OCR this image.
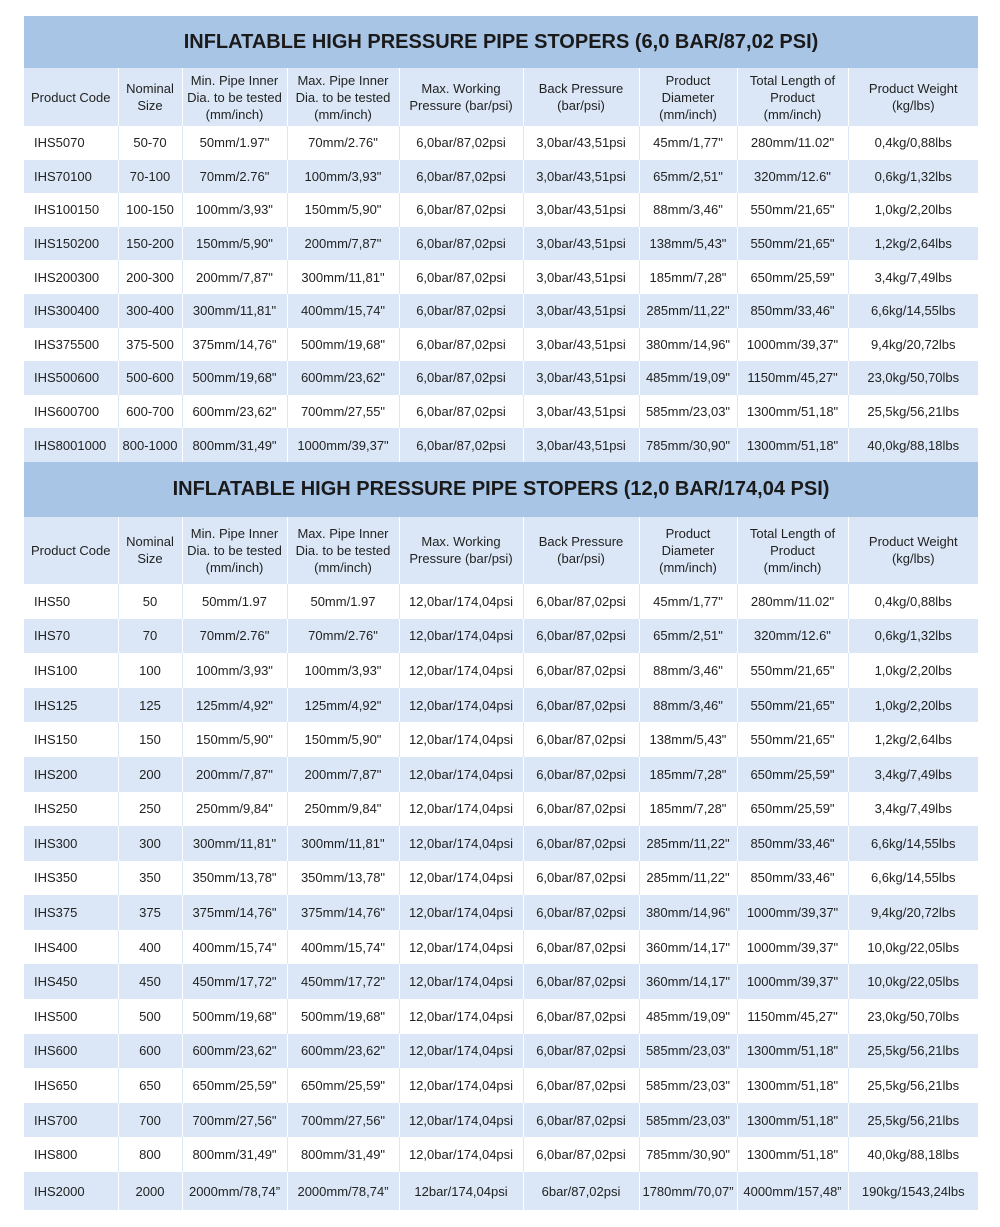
INFLATABLE HIGH PRESSURE PIPE STOPERS (6,0 BAR/87,02 PSI)
Product Code	Nominal Size	Min. Pipe Inner Dia. to be tested (mm/inch)	Max. Pipe Inner Dia. to be tested (mm/inch)	Max. Working Pressure (bar/psi)	Back Pressure (bar/psi)	Product Diameter (mm/inch)	Total Length of Product (mm/inch)	Product Weight (kg/lbs)
IHS5070	50-70	50mm/1.97"	70mm/2.76"	6,0bar/87,02psi	3,0bar/43,51psi	45mm/1,77"	280mm/11.02"	0,4kg/0,88lbs
IHS70100	70-100	70mm/2.76"	100mm/3,93"	6,0bar/87,02psi	3,0bar/43,51psi	65mm/2,51"	320mm/12.6"	0,6kg/1,32lbs
IHS100150	100-150	100mm/3,93"	150mm/5,90"	6,0bar/87,02psi	3,0bar/43,51psi	88mm/3,46"	550mm/21,65"	1,0kg/2,20lbs
IHS150200	150-200	150mm/5,90"	200mm/7,87"	6,0bar/87,02psi	3,0bar/43,51psi	138mm/5,43"	550mm/21,65"	1,2kg/2,64lbs
IHS200300	200-300	200mm/7,87"	300mm/11,81"	6,0bar/87,02psi	3,0bar/43,51psi	185mm/7,28"	650mm/25,59"	3,4kg/7,49lbs
IHS300400	300-400	300mm/11,81"	400mm/15,74"	6,0bar/87,02psi	3,0bar/43,51psi	285mm/11,22"	850mm/33,46"	6,6kg/14,55lbs
IHS375500	375-500	375mm/14,76"	500mm/19,68"	6,0bar/87,02psi	3,0bar/43,51psi	380mm/14,96"	1000mm/39,37"	9,4kg/20,72lbs
IHS500600	500-600	500mm/19,68"	600mm/23,62"	6,0bar/87,02psi	3,0bar/43,51psi	485mm/19,09"	1150mm/45,27"	23,0kg/50,70lbs
IHS600700	600-700	600mm/23,62"	700mm/27,55"	6,0bar/87,02psi	3,0bar/43,51psi	585mm/23,03"	1300mm/51,18"	25,5kg/56,21lbs
IHS8001000	800-1000	800mm/31,49"	1000mm/39,37"	6,0bar/87,02psi	3,0bar/43,51psi	785mm/30,90"	1300mm/51,18"	40,0kg/88,18lbs
INFLATABLE HIGH PRESSURE PIPE STOPERS (12,0 BAR/174,04 PSI)
Product Code	Nominal Size	Min. Pipe Inner Dia. to be tested (mm/inch)	Max. Pipe Inner Dia. to be tested (mm/inch)	Max. Working Pressure (bar/psi)	Back Pressure (bar/psi)	Product Diameter (mm/inch)	Total Length of Product (mm/inch)	Product Weight (kg/lbs)
IHS50	50	50mm/1.97	50mm/1.97	12,0bar/174,04psi	6,0bar/87,02psi	45mm/1,77"	280mm/11.02"	0,4kg/0,88lbs
IHS70	70	70mm/2.76"	70mm/2.76"	12,0bar/174,04psi	6,0bar/87,02psi	65mm/2,51"	320mm/12.6"	0,6kg/1,32lbs
IHS100	100	100mm/3,93"	100mm/3,93"	12,0bar/174,04psi	6,0bar/87,02psi	88mm/3,46"	550mm/21,65"	1,0kg/2,20lbs
IHS125	125	125mm/4,92"	125mm/4,92"	12,0bar/174,04psi	6,0bar/87,02psi	88mm/3,46"	550mm/21,65"	1,0kg/2,20lbs
IHS150	150	150mm/5,90"	150mm/5,90"	12,0bar/174,04psi	6,0bar/87,02psi	138mm/5,43"	550mm/21,65"	1,2kg/2,64lbs
IHS200	200	200mm/7,87"	200mm/7,87"	12,0bar/174,04psi	6,0bar/87,02psi	185mm/7,28"	650mm/25,59"	3,4kg/7,49lbs
IHS250	250	250mm/9,84"	250mm/9,84"	12,0bar/174,04psi	6,0bar/87,02psi	185mm/7,28"	650mm/25,59"	3,4kg/7,49lbs
IHS300	300	300mm/11,81"	300mm/11,81"	12,0bar/174,04psi	6,0bar/87,02psi	285mm/11,22"	850mm/33,46"	6,6kg/14,55lbs
IHS350	350	350mm/13,78"	350mm/13,78"	12,0bar/174,04psi	6,0bar/87,02psi	285mm/11,22"	850mm/33,46"	6,6kg/14,55lbs
IHS375	375	375mm/14,76"	375mm/14,76"	12,0bar/174,04psi	6,0bar/87,02psi	380mm/14,96"	1000mm/39,37"	9,4kg/20,72lbs
IHS400	400	400mm/15,74"	400mm/15,74"	12,0bar/174,04psi	6,0bar/87,02psi	360mm/14,17"	1000mm/39,37"	10,0kg/22,05lbs
IHS450	450	450mm/17,72"	450mm/17,72"	12,0bar/174,04psi	6,0bar/87,02psi	360mm/14,17"	1000mm/39,37"	10,0kg/22,05lbs
IHS500	500	500mm/19,68"	500mm/19,68"	12,0bar/174,04psi	6,0bar/87,02psi	485mm/19,09"	1150mm/45,27"	23,0kg/50,70lbs
IHS600	600	600mm/23,62"	600mm/23,62"	12,0bar/174,04psi	6,0bar/87,02psi	585mm/23,03"	1300mm/51,18"	25,5kg/56,21lbs
IHS650	650	650mm/25,59"	650mm/25,59"	12,0bar/174,04psi	6,0bar/87,02psi	585mm/23,03"	1300mm/51,18"	25,5kg/56,21lbs
IHS700	700	700mm/27,56"	700mm/27,56"	12,0bar/174,04psi	6,0bar/87,02psi	585mm/23,03"	1300mm/51,18"	25,5kg/56,21lbs
IHS800	800	800mm/31,49"	800mm/31,49"	12,0bar/174,04psi	6,0bar/87,02psi	785mm/30,90"	1300mm/51,18"	40,0kg/88,18lbs
IHS2000	2000	2000mm/78,74”	2000mm/78,74”	12bar/174,04psi	6bar/87,02psi	1780mm/70,07”	4000mm/157,48”	190kg/1543,24lbs
